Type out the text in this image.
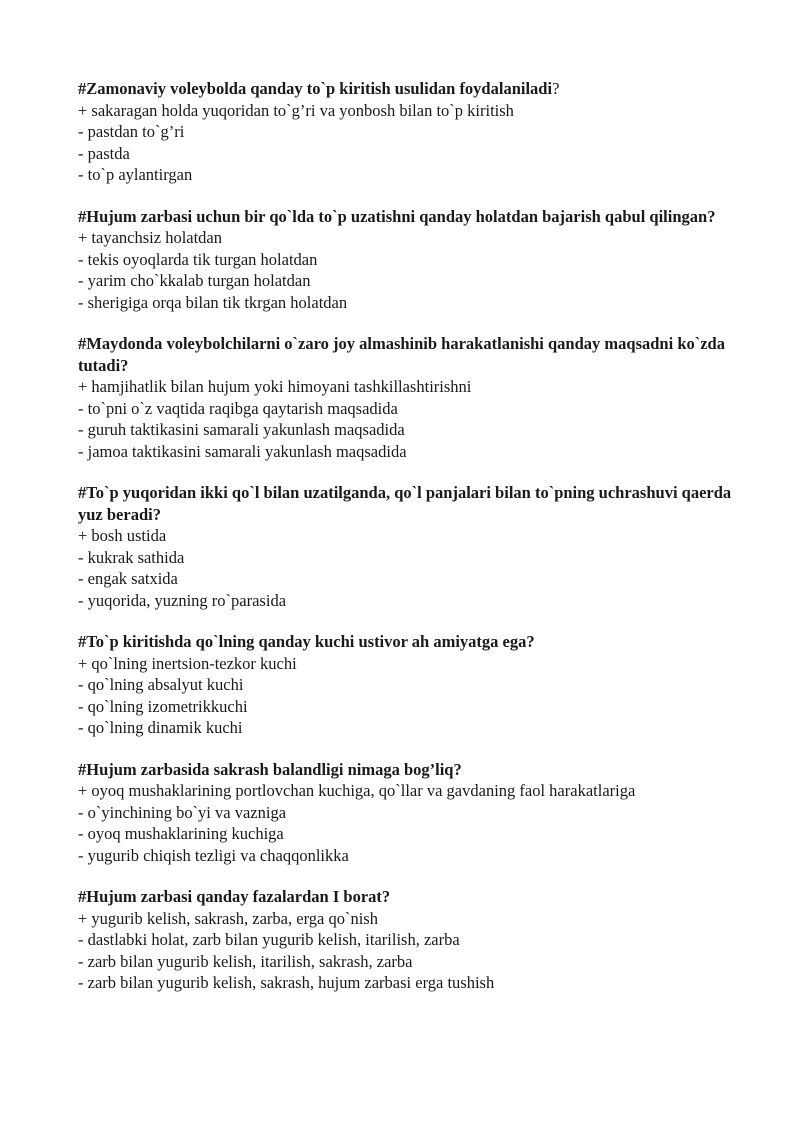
#Zamonaviy voleybolda qanday to`p kiritish usulidan foydalaniladi?

+ sakaragan holda yuqoridan to`g’ri va yonbosh bilan to`p kiritish

- pastdan to`g’ri

- pastda

- to`p aylantirgan

#Hujum zarbasi uchun bir qo`lda to`p uzatishni qanday holatdan bajarish qabul qilingan?

+ tayanchsiz holatdan

- tekis oyoqlarda tik turgan holatdan

- yarim cho`kkalab turgan holatdan

- sherigiga orqa bilan tik tkrgan holatdan

#Maydonda voleybolchilarni o`zaro joy almashinib harakatlanishi qanday maqsadni ko`zda tutadi?

+ hamjihatlik bilan hujum yoki himoyani tashkillashtirishni

- to`pni o`z vaqtida raqibga qaytarish maqsadida

- guruh taktikasini samarali yakunlash maqsadida

- jamoa taktikasini samarali yakunlash maqsadida

#To`p yuqoridan ikki qo`l bilan uzatilganda, qo`l panjalari bilan to`pning uchrashuvi qaerda yuz beradi?

+ bosh ustida

- kukrak sathida

- engak satxida

- yuqorida, yuzning ro`parasida

#To`p kiritishda qo`lning qanday kuchi ustivor ah amiyatga ega?

+ qo`lning inertsion-tezkor kuchi

- qo`lning absalyut kuchi

- qo`lning izometrikkuchi

- qo`lning dinamik kuchi

#Hujum zarbasida sakrash balandligi nimaga bog’liq?

+ oyoq mushaklarining portlovchan kuchiga, qo`llar va gavdaning faol harakatlariga

- o`yinchining bo`yi va vazniga

- oyoq mushaklarining kuchiga

- yugurib chiqish tezligi va chaqqonlikka

#Hujum zarbasi qanday fazalardan I borat?

+ yugurib kelish, sakrash, zarba, erga qo`nish

- dastlabki holat, zarb bilan yugurib kelish, itarilish, zarba

- zarb bilan yugurib kelish, itarilish, sakrash, zarba

- zarb bilan yugurib kelish, sakrash, hujum zarbasi erga tushish
